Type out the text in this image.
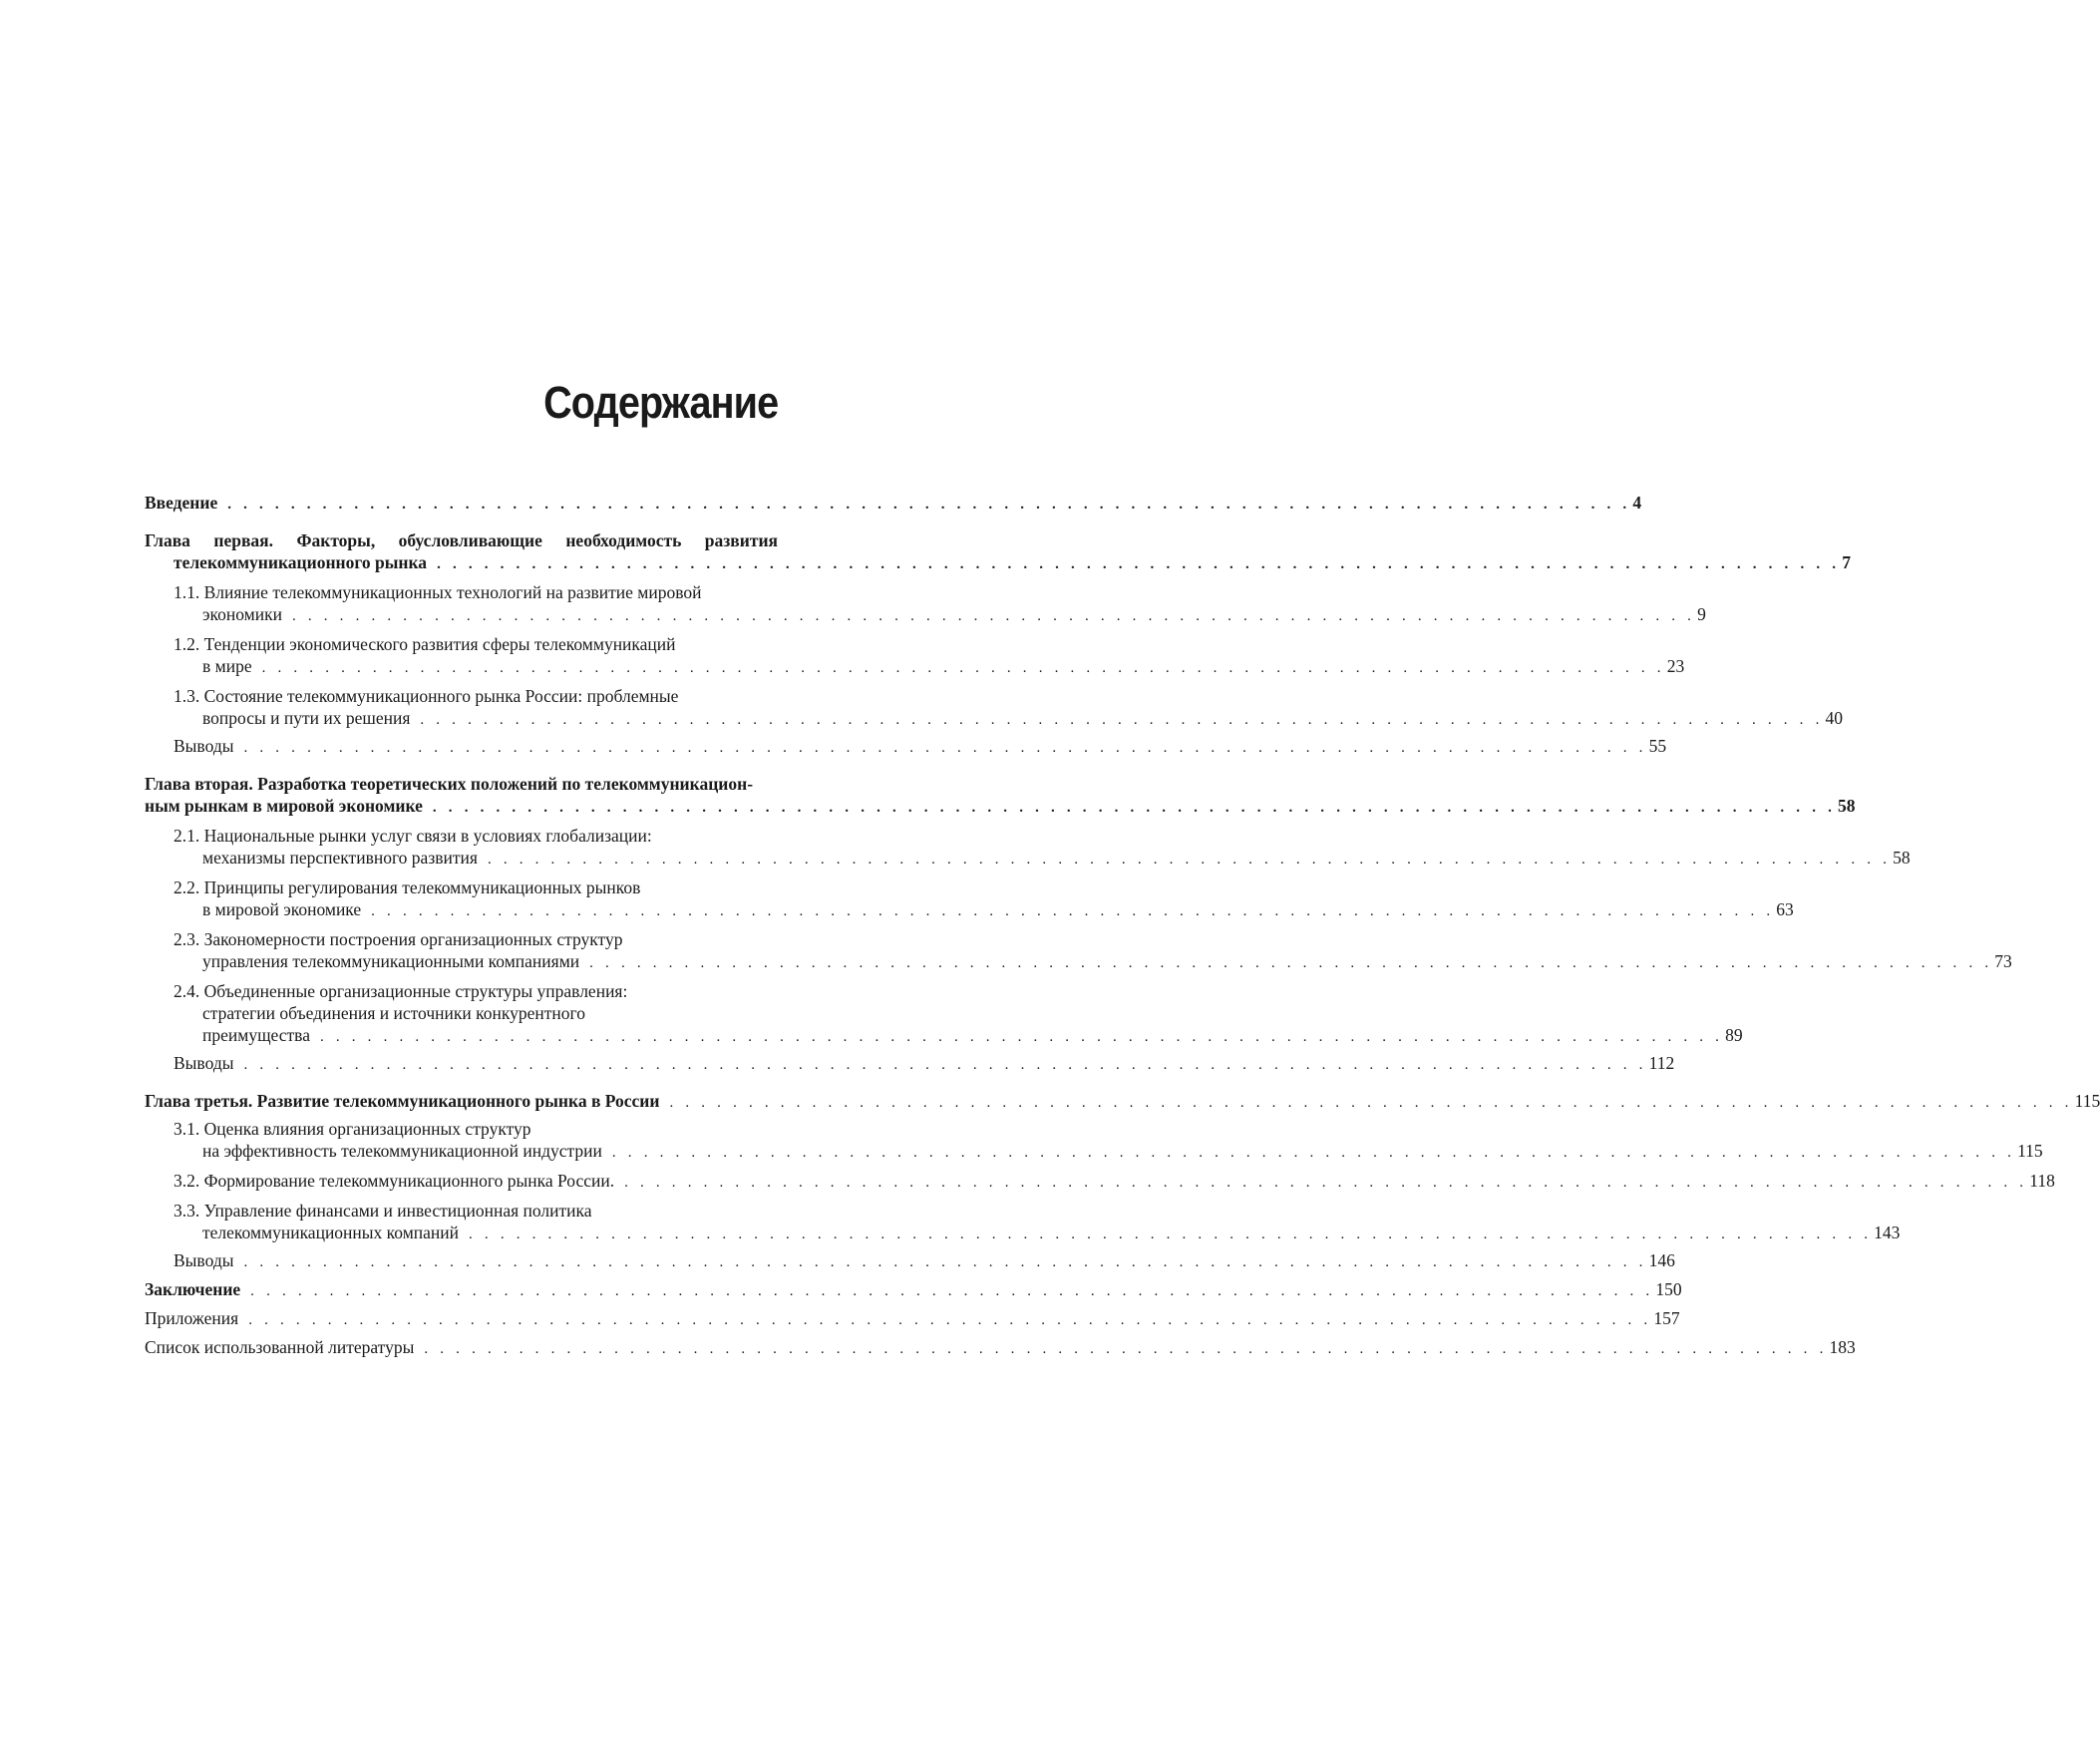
Содержание
Введение . . . . . . . . . . . . . . . . . . . . . . . . . . . . . . . . . . . . . . . . . . . . . . . . . . . . . . . . . . . . . . . . . . . . . . . . . . . . . . . . . . . . . . . . . 4
Глава первая. Факторы, обусловливающие необходимость развития
телекоммуникационного рынка . . . . . . . . . . . . . . . . . . . . . . . . . . . . . . . . . . . . . . . . . . . . . . . . . . . . . . . . . . . . . . . . . . . . . . . . . . . . . . . . . . . . . . . . . 7
1.1. Влияние телекоммуникационных технологий на развитие мировой
экономики . . . . . . . . . . . . . . . . . . . . . . . . . . . . . . . . . . . . . . . . . . . . . . . . . . . . . . . . . . . . . . . . . . . . . . . . . . . . . . . . . . . . . . . . . 9
1.2. Тенденции экономического развития сферы телекоммуникаций
в мире . . . . . . . . . . . . . . . . . . . . . . . . . . . . . . . . . . . . . . . . . . . . . . . . . . . . . . . . . . . . . . . . . . . . . . . . . . . . . . . . . . . . . . . . . 23
1.3. Состояние телекоммуникационного рынка России: проблемные
вопросы и пути их решения . . . . . . . . . . . . . . . . . . . . . . . . . . . . . . . . . . . . . . . . . . . . . . . . . . . . . . . . . . . . . . . . . . . . . . . . . . . . . . . . . . . . . . . . . 40
Выводы . . . . . . . . . . . . . . . . . . . . . . . . . . . . . . . . . . . . . . . . . . . . . . . . . . . . . . . . . . . . . . . . . . . . . . . . . . . . . . . . . . . . . . . . . 55
Глава вторая. Разработка теоретических положений по телекоммуникацион-
ным рынкам в мировой экономике . . . . . . . . . . . . . . . . . . . . . . . . . . . . . . . . . . . . . . . . . . . . . . . . . . . . . . . . . . . . . . . . . . . . . . . . . . . . . . . . . . . . . . . . . 58
2.1. Национальные рынки услуг связи в условиях глобализации:
механизмы перспективного развития . . . . . . . . . . . . . . . . . . . . . . . . . . . . . . . . . . . . . . . . . . . . . . . . . . . . . . . . . . . . . . . . . . . . . . . . . . . . . . . . . . . . . . . . . 58
2.2. Принципы регулирования телекоммуникационных рынков
в мировой экономике . . . . . . . . . . . . . . . . . . . . . . . . . . . . . . . . . . . . . . . . . . . . . . . . . . . . . . . . . . . . . . . . . . . . . . . . . . . . . . . . . . . . . . . . . 63
2.3. Закономерности построения организационных структур
управления телекоммуникационными компаниями . . . . . . . . . . . . . . . . . . . . . . . . . . . . . . . . . . . . . . . . . . . . . . . . . . . . . . . . . . . . . . . . . . . . . . . . . . . . . . . . . . . . . . . . . 73
2.4. Объединенные организационные структуры управления:
стратегии объединения и источники конкурентного
преимущества . . . . . . . . . . . . . . . . . . . . . . . . . . . . . . . . . . . . . . . . . . . . . . . . . . . . . . . . . . . . . . . . . . . . . . . . . . . . . . . . . . . . . . . . . 89
Выводы . . . . . . . . . . . . . . . . . . . . . . . . . . . . . . . . . . . . . . . . . . . . . . . . . . . . . . . . . . . . . . . . . . . . . . . . . . . . . . . . . . . . . . . . . 112
Глава третья. Развитие телекоммуникационного рынка в России . . . . . . . . . . . . . . . . . . . . . . . . . . . . . . . . . . . . . . . . . . . . . . . . . . . . . . . . . . . . . . . . . . . . . . . . . . . . . . . . . . . . . . . . . 115
3.1. Оценка влияния организационных структур
на эффективность телекоммуникационной индустрии . . . . . . . . . . . . . . . . . . . . . . . . . . . . . . . . . . . . . . . . . . . . . . . . . . . . . . . . . . . . . . . . . . . . . . . . . . . . . . . . . . . . . . . . . 115
3.2. Формирование телекоммуникационного рынка России. . . . . . . . . . . . . . . . . . . . . . . . . . . . . . . . . . . . . . . . . . . . . . . . . . . . . . . . . . . . . . . . . . . . . . . . . . . . . . . . . . . . . . . . . . 118
3.3. Управление финансами и инвестиционная политика
телекоммуникационных компаний . . . . . . . . . . . . . . . . . . . . . . . . . . . . . . . . . . . . . . . . . . . . . . . . . . . . . . . . . . . . . . . . . . . . . . . . . . . . . . . . . . . . . . . . . 143
Выводы . . . . . . . . . . . . . . . . . . . . . . . . . . . . . . . . . . . . . . . . . . . . . . . . . . . . . . . . . . . . . . . . . . . . . . . . . . . . . . . . . . . . . . . . . 146
Заключение . . . . . . . . . . . . . . . . . . . . . . . . . . . . . . . . . . . . . . . . . . . . . . . . . . . . . . . . . . . . . . . . . . . . . . . . . . . . . . . . . . . . . . . . . 150
Приложения . . . . . . . . . . . . . . . . . . . . . . . . . . . . . . . . . . . . . . . . . . . . . . . . . . . . . . . . . . . . . . . . . . . . . . . . . . . . . . . . . . . . . . . . . 157
Список использованной литературы . . . . . . . . . . . . . . . . . . . . . . . . . . . . . . . . . . . . . . . . . . . . . . . . . . . . . . . . . . . . . . . . . . . . . . . . . . . . . . . . . . . . . . . . . 183
